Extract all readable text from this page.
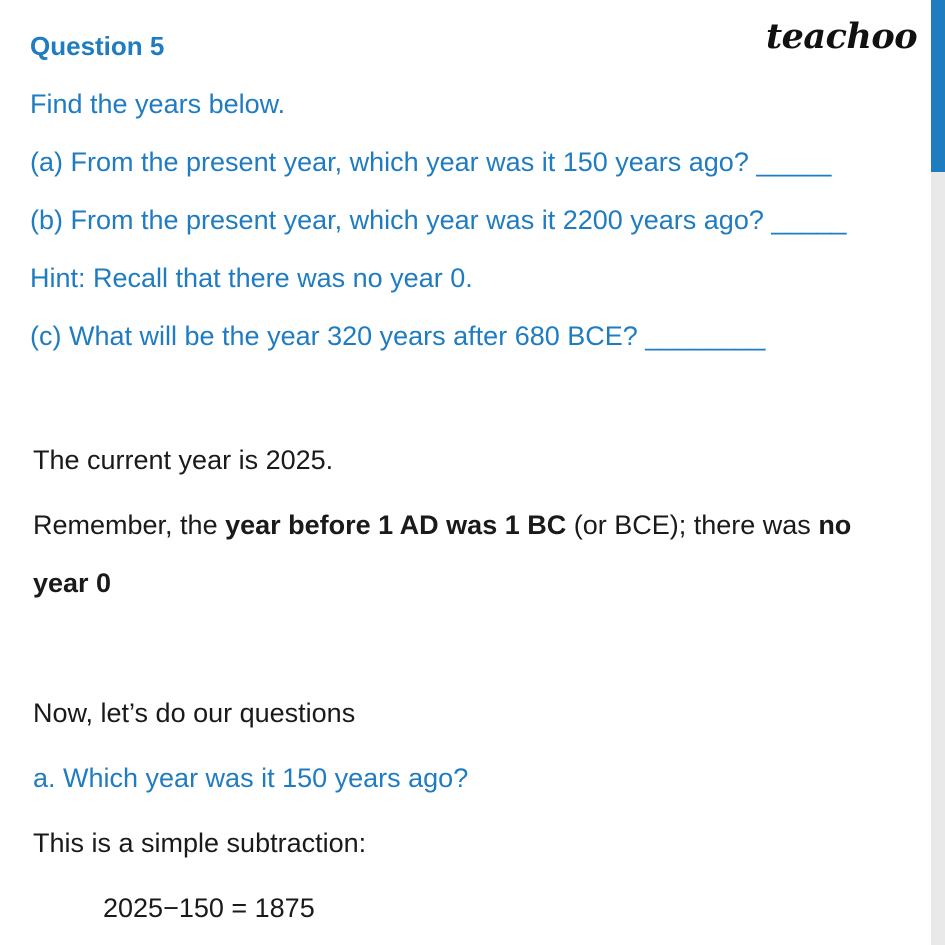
teachoo
Question 5
Find the years below.
(a) From the present year, which year was it 150 years ago? _____
(b) From the present year, which year was it 2200 years ago? _____
Hint: Recall that there was no year 0.
(c) What will be the year 320 years after 680 BCE? ________
The current year is 2025.
Remember, the year before 1 AD was 1 BC (or BCE); there was no
year 0
Now, let’s do our questions
a. Which year was it 150 years ago?
This is a simple subtraction:
2025−150 = 1875
